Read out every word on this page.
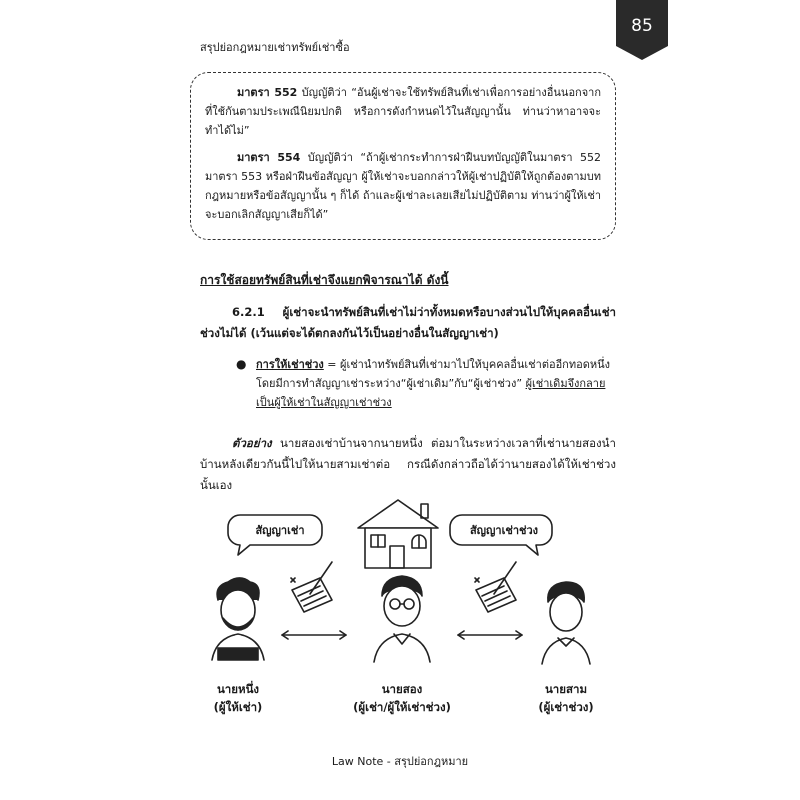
85
สรุปย่อกฎหมายเช่าทรัพย์เช่าซื้อ

มาตรา 552 บัญญัติว่า “อันผู้เช่าจะใช้ทรัพย์สินที่เช่าเพื่อการอย่างอื่นนอกจากที่ใช้กันตามประเพณีนิยมปกติ หรือการดังกำหนดไว้ในสัญญานั้น ท่านว่าหาอาจจะทำได้ไม่”

มาตรา 554 บัญญัติว่า “ถ้าผู้เช่ากระทำการฝ่าฝืนบทบัญญัติในมาตรา 552 มาตรา 553 หรือฝ่าฝืนข้อสัญญา ผู้ให้เช่าจะบอกกล่าวให้ผู้เช่าปฏิบัติให้ถูกต้องตามบทกฎหมายหรือข้อสัญญานั้น ๆ ก็ได้ ถ้าและผู้เช่าละเลยเสียไม่ปฏิบัติตาม ท่านว่าผู้ให้เช่าจะบอกเลิกสัญญาเสียก็ได้”

การใช้สอยทรัพย์สินที่เช่าจึงแยกพิจารณาได้ ดังนี้
6.2.1 ผู้เช่าจะนำทรัพย์สินที่เช่าไม่ว่าทั้งหมดหรือบางส่วนไปให้บุคคลอื่นเช่าช่วงไม่ได้ (เว้นแต่จะได้ตกลงกันไว้เป็นอย่างอื่นในสัญญาเช่า)
● การให้เช่าช่วง = ผู้เช่านำทรัพย์สินที่เช่ามาไปให้บุคคลอื่นเช่าต่ออีกทอดหนึ่ง โดยมีการทำสัญญาเช่าระหว่าง“ผู้เช่าเดิม”กับ“ผู้เช่าช่วง” ผู้เช่าเดิมจึงกลายเป็นผู้ให้เช่าในสัญญาเช่าช่วง
ตัวอย่าง นายสองเช่าบ้านจากนายหนึ่ง ต่อมาในระหว่างเวลาที่เช่านายสองนำบ้านหลังเดียวกันนี้ไปให้นายสามเช่าต่อ กรณีดังกล่าวถือได้ว่านายสองได้ให้เช่าช่วงนั้นเอง
สัญญาเช่า	สัญญาเช่าช่วง
นายหนึ่ง
(ผู้ให้เช่า)
นายสอง
(ผู้เช่า/ผู้ให้เช่าช่วง)
นายสาม
(ผู้เช่าช่วง)
Law Note - สรุปย่อกฎหมาย
